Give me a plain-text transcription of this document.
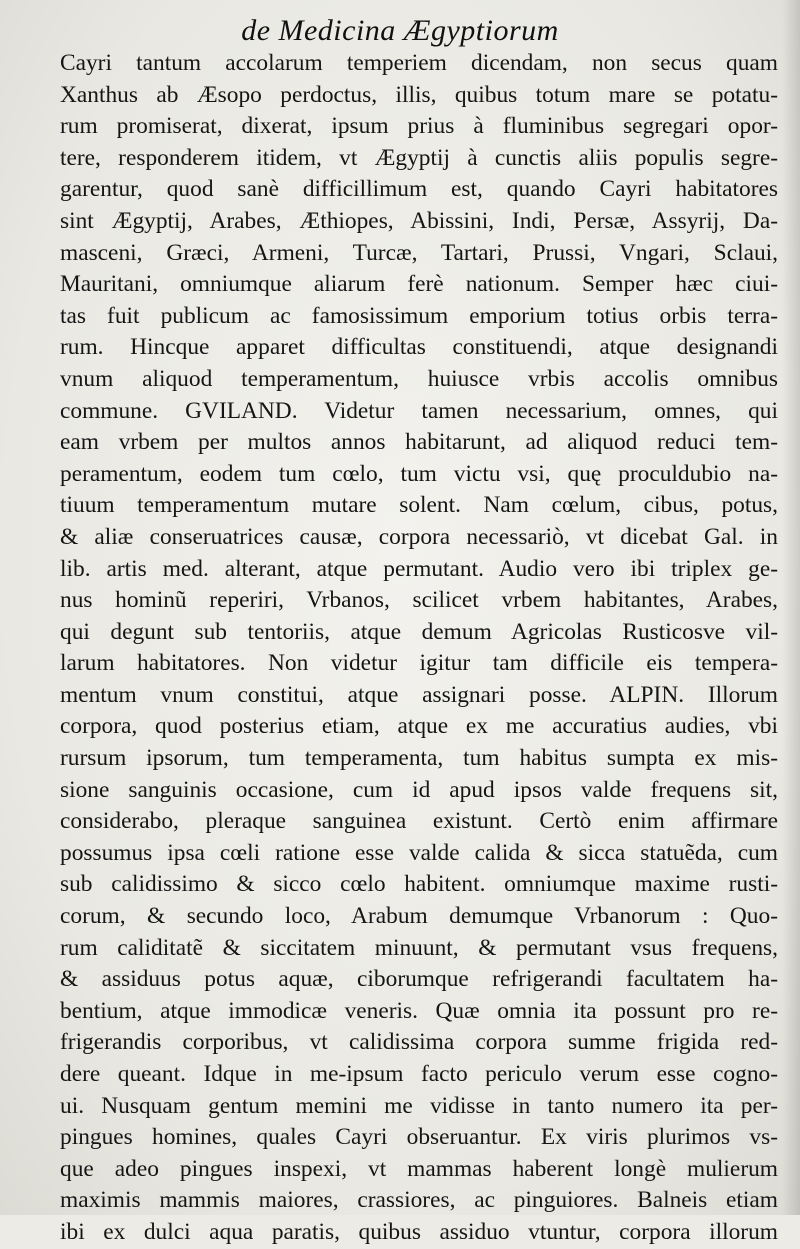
de Medicina Ægyptiorum
Cayri tantum accolarum temperiem dicendam, non secus quam
Xanthus ab Æsopo perdoctus, illis, quibus totum mare se potatu-
rum promiserat, dixerat, ipsum prius à fluminibus segregari opor-
tere, responderem itidem, vt Ægyptij à cunctis aliis populis segre-
garentur, quod sanè difficillimum est, quando Cayri habitatores
sint Ægyptij, Arabes, Æthiopes, Abissini, Indi, Persæ, Assyrij, Da-
masceni, Græci, Armeni, Turcæ, Tartari, Prussi, Vngari, Sclaui,
Mauritani, omniumque aliarum ferè nationum. Semper hæc ciui-
tas fuit publicum ac famosissimum emporium totius orbis terra-
rum. Hincque apparet difficultas constituendi, atque designandi
vnum aliquod temperamentum, huiusce vrbis accolis omnibus
commune. GVILAND. Videtur tamen necessarium, omnes, qui
eam vrbem per multos annos habitarunt, ad aliquod reduci tem-
peramentum, eodem tum cœlo, tum victu vsi, quę proculdubio na-
tiuum temperamentum mutare solent. Nam cœlum, cibus, potus,
& aliæ conseruatrices causæ, corpora necessariò, vt dicebat Gal. in
lib. artis med. alterant, atque permutant. Audio vero ibi triplex ge-
nus hominũ reperiri, Vrbanos, scilicet vrbem habitantes, Arabes,
qui degunt sub tentoriis, atque demum Agricolas Rusticosve vil-
larum habitatores. Non videtur igitur tam difficile eis tempera-
mentum vnum constitui, atque assignari posse. ALPIN. Illorum
corpora, quod posterius etiam, atque ex me accuratius audies, vbi
rursum ipsorum, tum temperamenta, tum habitus sumpta ex mis-
sione sanguinis occasione, cum id apud ipsos valde frequens sit,
considerabo, pleraque sanguinea existunt. Certò enim affirmare
possumus ipsa cœli ratione esse valde calida & sicca statuẽda, cum
sub calidissimo & sicco cœlo habitent. omniumque maxime rusti-
corum, & secundo loco, Arabum demumque Vrbanorum : Quo-
rum caliditatẽ & siccitatem minuunt, & permutant vsus frequens,
& assiduus potus aquæ, ciborumque refrigerandi facultatem ha-
bentium, atque immodicæ veneris. Quæ omnia ita possunt pro re-
frigerandis corporibus, vt calidissima corpora summe frigida red-
dere queant. Idque in me-ipsum facto periculo verum esse cogno-
ui. Nusquam gentum memini me vidisse in tanto numero ita per-
pingues homines, quales Cayri obseruantur. Ex viris plurimos vs-
que adeo pingues inspexi, vt mammas haberent longè mulierum
maximis mammis maiores, crassiores, ac pinguiores. Balneis etiam
ibi ex dulci aqua paratis, quibus assiduo vtuntur, corpora illorum
